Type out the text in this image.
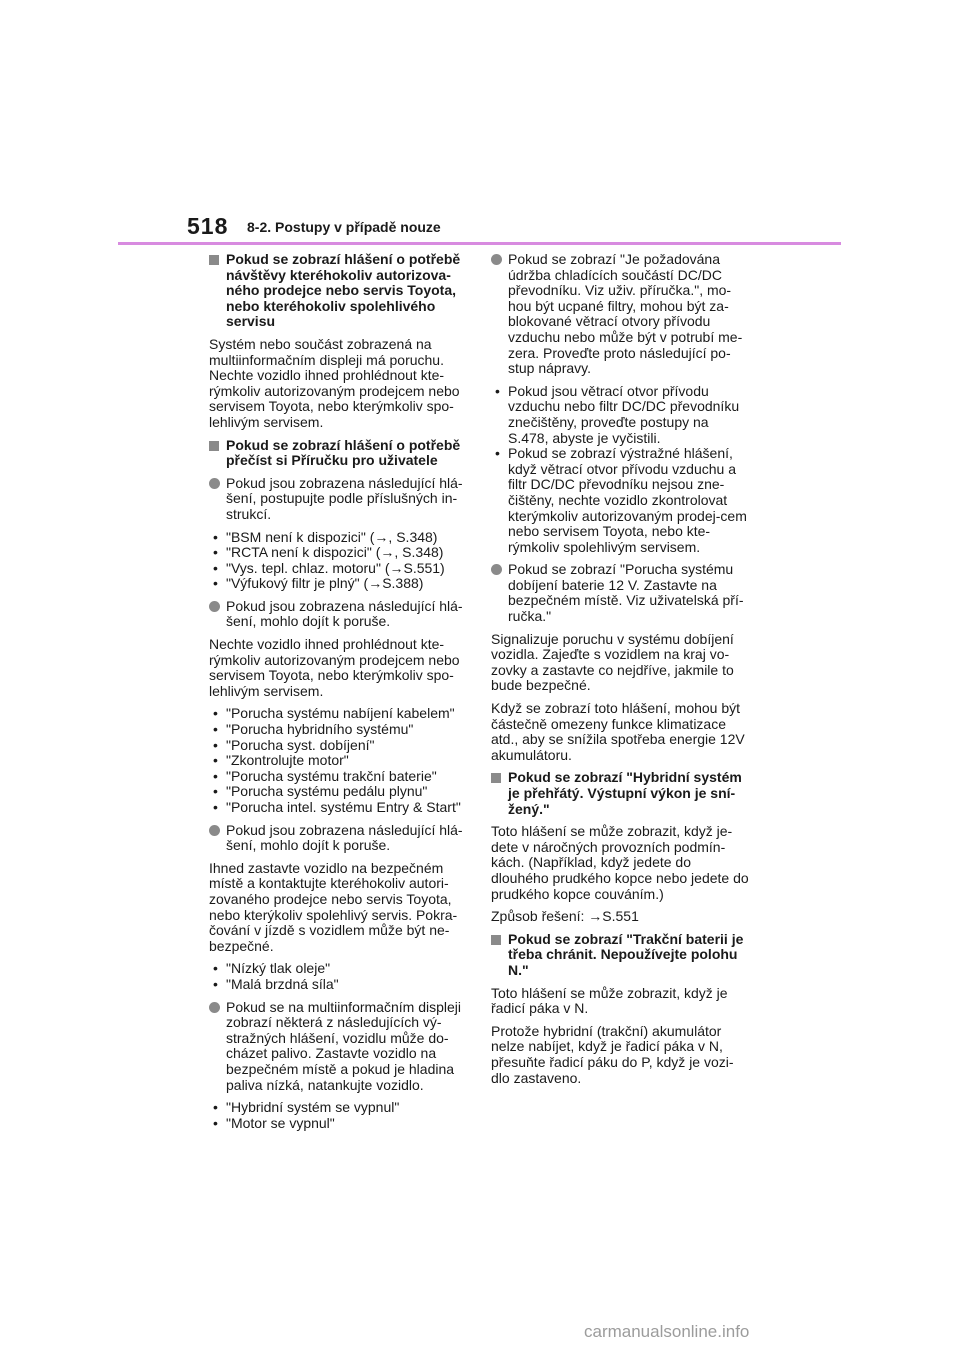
518 8-2. Postupy v případě nouze
Pokud se zobrazí hlášení o potřebě návštěvy kteréhokoliv autorizova-ného prodejce nebo servis Toyota, nebo kteréhokoliv spolehlivého servisu
Systém nebo součást zobrazená na multiinformačním displeji má poruchu. Nechte vozidlo ihned prohlédnout kte-rýmkoliv autorizovaným prodejcem nebo servisem Toyota, nebo kterýmkoliv spo-lehlivým servisem.
Pokud se zobrazí hlášení o potřebě přečíst si Příručku pro uživatele
Pokud jsou zobrazena následující hlá-šení, postupujte podle příslušných in-strukcí.
• "BSM není k dispozici" (→, S.348)
• "RCTA není k dispozici" (→, S.348)
• "Vys. tepl. chlaz. motoru" (→S.551)
• "Výfukový filtr je plný" (→S.388)
Pokud jsou zobrazena následující hlá-šení, mohlo dojít k poruše.
Nechte vozidlo ihned prohlédnout kte-rýmkoliv autorizovaným prodejcem nebo servisem Toyota, nebo kterýmkoliv spo-lehlivým servisem.
• "Porucha systému nabíjení kabelem"
• "Porucha hybridního systému"
• "Porucha syst. dobíjení"
• "Zkontrolujte motor"
• "Porucha systému trakční baterie"
• "Porucha systému pedálu plynu"
• "Porucha intel. systému Entry & Start"
Pokud jsou zobrazena následující hlá-šení, mohlo dojít k poruše.
Ihned zastavte vozidlo na bezpečném místě a kontaktujte kteréhokoliv autori-zovaného prodejce nebo servis Toyota, nebo kterýkoliv spolehlivý servis. Pokra-čování v jízdě s vozidlem může být ne-bezpečné.
• "Nízký tlak oleje"
• "Malá brzdná síla"
Pokud se na multiinformačním displeji zobrazí některá z následujících vý-stražných hlášení, vozidlu může do-cházet palivo. Zastavte vozidlo na bezpečném místě a pokud je hladina paliva nízká, natankujte vozidlo.
• "Hybridní systém se vypnul"
• "Motor se vypnul"
Pokud se zobrazí "Je požadována údržba chladících součástí DC/DC převodníku. Viz uživ. příručka.", mo-hou být ucpané filtry, mohou být za-blokované větrací otvory přívodu vzduchu nebo může být v potrubí me-zera. Proveďte proto následující po-stup nápravy.
• Pokud jsou větrací otvor přívodu vzduchu nebo filtr DC/DC převodníku znečištěny, proveďte postupy na S.478, abyste je vyčistili.
• Pokud se zobrazí výstražné hlášení, když větrací otvor přívodu vzduchu a filtr DC/DC převodníku nejsou zne-čištěny, nechte vozidlo zkontrolovat kterýmkoliv autorizovaným prodej-cem nebo servisem Toyota, nebo kte-rýmkoliv spolehlivým servisem.
Pokud se zobrazí "Porucha systému dobíjení baterie 12 V. Zastavte na bezpečném místě. Viz uživatelská pří-ručka."
Signalizuje poruchu v systému dobíjení vozidla. Zajeďte s vozidlem na kraj vo-zovky a zastavte co nejdříve, jakmile to bude bezpečné.
Když se zobrazí toto hlášení, mohou být částečně omezeny funkce klimatizace atd., aby se snížila spotřeba energie 12V akumulátoru.
Pokud se zobrazí "Hybridní systém je přehřátý. Výstupní výkon je sní-žený."
Toto hlášení se může zobrazit, když je-dete v náročných provozních podmín-kách. (Například, když jedete do dlouhého prudkého kopce nebo jedete do prudkého kopce couváním.)
Způsob řešení: →S.551
Pokud se zobrazí "Trakční baterii je třeba chránit. Nepoužívejte polohu N."
Toto hlášení se může zobrazit, když je řadicí páka v N.
Protože hybridní (trakční) akumulátor nelze nabíjet, když je řadicí páka v N, přesuňte řadicí páku do P, když je vozi-dlo zastaveno.
carmanualsonline.info
